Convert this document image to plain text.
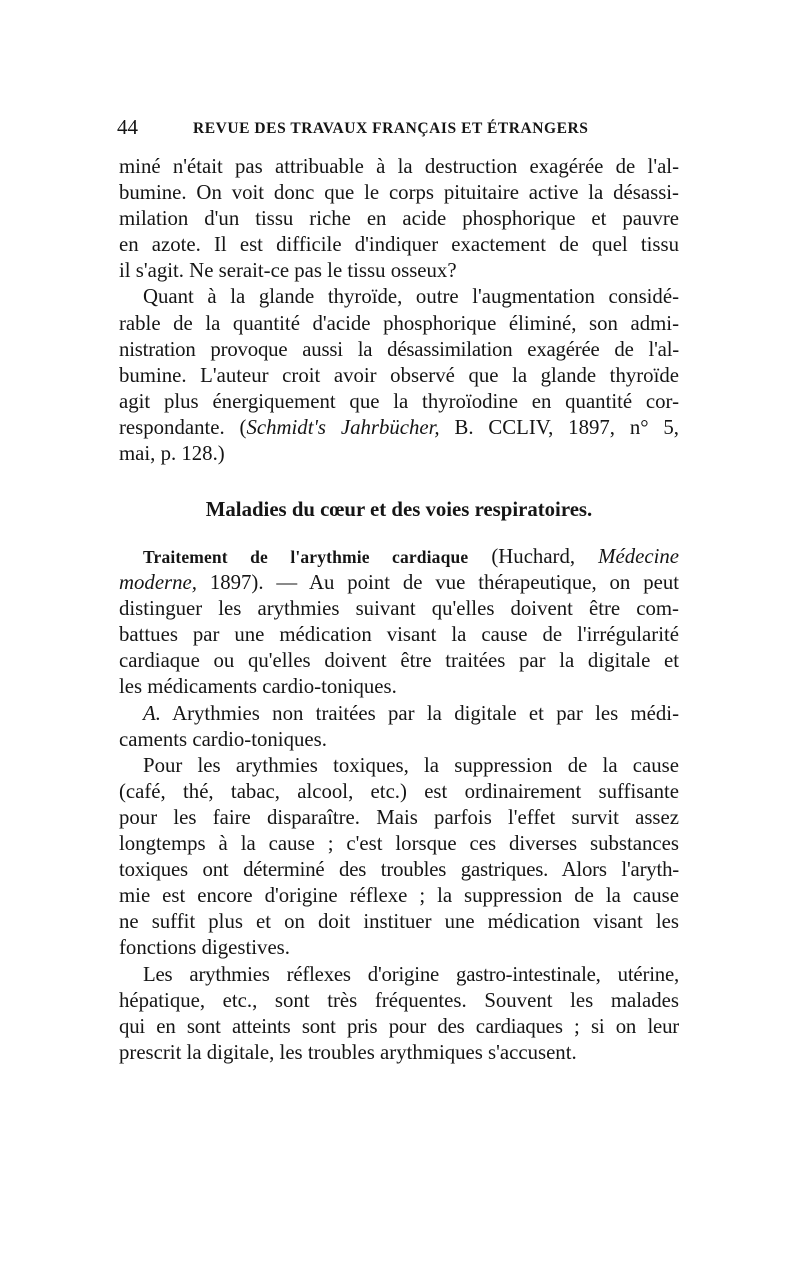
44	REVUE DES TRAVAUX FRANÇAIS ET ÉTRANGERS
miné n'était pas attribuable à la destruction exagérée de l'al-
bumine. On voit donc que le corps pituitaire active la désassi-
milation d'un tissu riche en acide phosphorique et pauvre
en azote. Il est difficile d'indiquer exactement de quel tissu
il s'agit. Ne serait-ce pas le tissu osseux?
Quant à la glande thyroïde, outre l'augmentation considé-
rable de la quantité d'acide phosphorique éliminé, son admi-
nistration provoque aussi la désassimilation exagérée de l'al-
bumine. L'auteur croit avoir observé que la glande thyroïde
agit plus énergiquement que la thyroïodine en quantité cor-
respondante. (Schmidt's Jahrbücher, B. CCLIV, 1897, n° 5,
mai, p. 128.)
Maladies du cœur et des voies respiratoires.
Traitement de l'arythmie cardiaque (Huchard, Médecine
moderne, 1897). — Au point de vue thérapeutique, on peut
distinguer les arythmies suivant qu'elles doivent être com-
battues par une médication visant la cause de l'irrégularité
cardiaque ou qu'elles doivent être traitées par la digitale et
les médicaments cardio-toniques.
A. Arythmies non traitées par la digitale et par les médi-
caments cardio-toniques.
Pour les arythmies toxiques, la suppression de la cause
(café, thé, tabac, alcool, etc.) est ordinairement suffisante
pour les faire disparaître. Mais parfois l'effet survit assez
longtemps à la cause ; c'est lorsque ces diverses substances
toxiques ont déterminé des troubles gastriques. Alors l'aryth-
mie est encore d'origine réflexe ; la suppression de la cause
ne suffit plus et on doit instituer une médication visant les
fonctions digestives.
Les arythmies réflexes d'origine gastro-intestinale, utérine,
hépatique, etc., sont très fréquentes. Souvent les malades
qui en sont atteints sont pris pour des cardiaques ; si on leur
prescrit la digitale, les troubles arythmiques s'accusent.
